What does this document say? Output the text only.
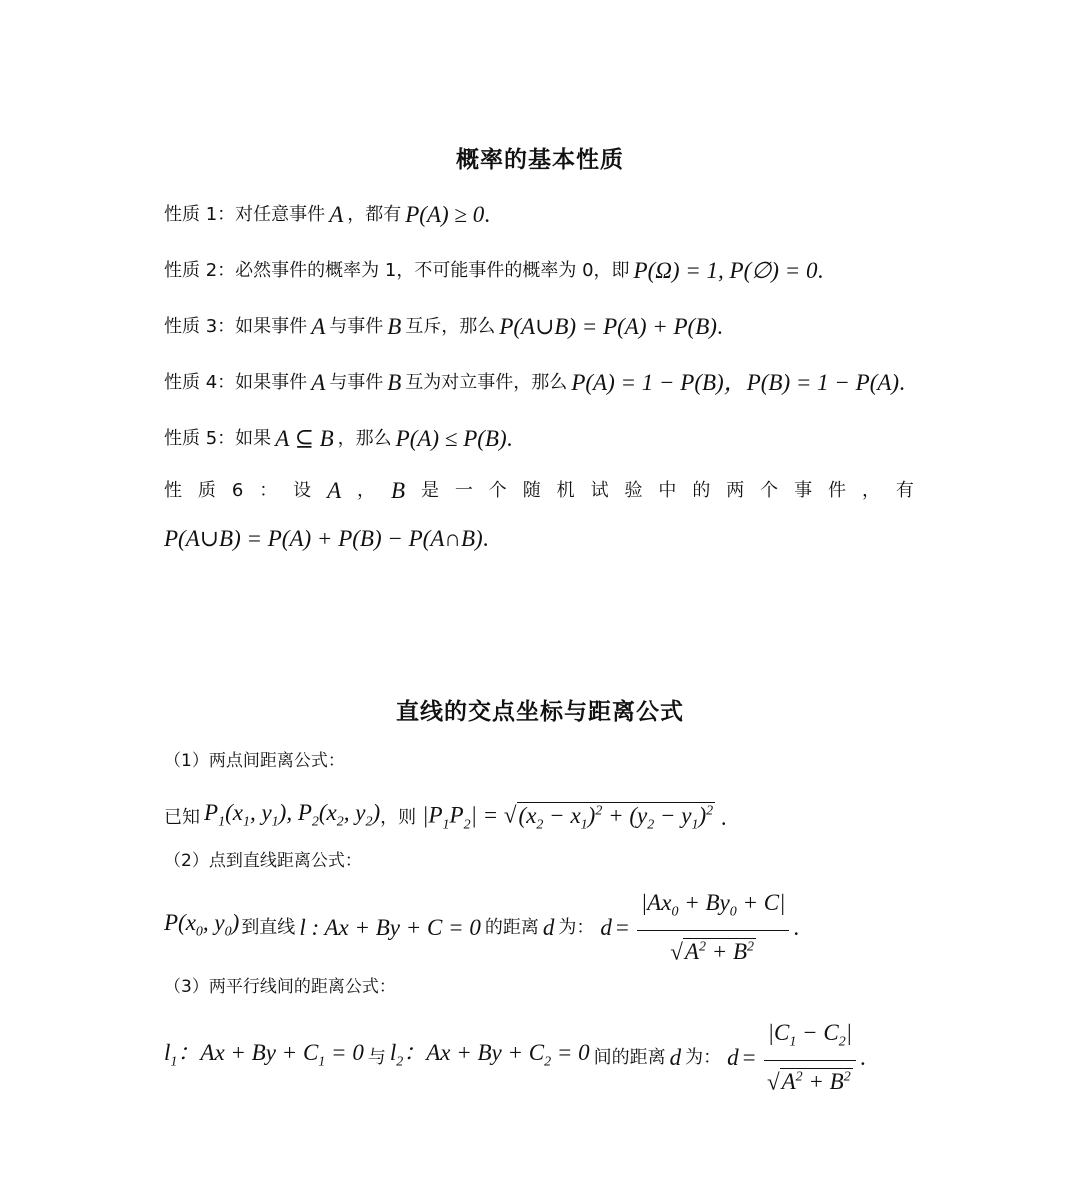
概率的基本性质
性质 1：对任意事件 A ，都有 P(A) ≥ 0 .
性质 2：必然事件的概率为 1，不可能事件的概率为 0，即 P(Ω) = 1, P(∅) = 0 .
性质 3：如果事件 A 与事件 B 互斥，那么 P(A∪B) = P(A) + P(B) .
性质 4：如果事件 A 与事件 B 互为对立事件，那么 P(A) = 1 − P(B)，P(B) = 1 − P(A) .
性质 5：如果 A ⊆ B ，那么 P(A) ≤ P(B) .
性 质 6 ： 设 A ， B 是 一 个 随 机 试 验 中 的 两 个 事 件 ， 有
P(A∪B) = P(A) + P(B) − P(A∩B) .
直线的交点坐标与距离公式
（1）两点间距离公式：
已知 $P_1(x_1$, $y_1$), $P_2(x_2$, $y_2$) ，则 $|P_1P_2| = √(x_2 - x_1)^2 + (y_2 - y_1)^2$ .
（2）点到直线距离公式：
$P(x_0$, $y_0$) 到直线 l : Ax + By + C = 0 的距离 d 为： $d = \frac{|Ax_0 + By_0 + C|}{√A^2 + B^2}$ .
（3）两平行线间的距离公式：
$l_1$：$Ax + By + C_1 = 0$ 与 $l_2$：$Ax + By + C_2 = 0$ 间的距离 d 为： $d = \frac{|C_1 - C_2|}{√A^2 + B^2}$ .
